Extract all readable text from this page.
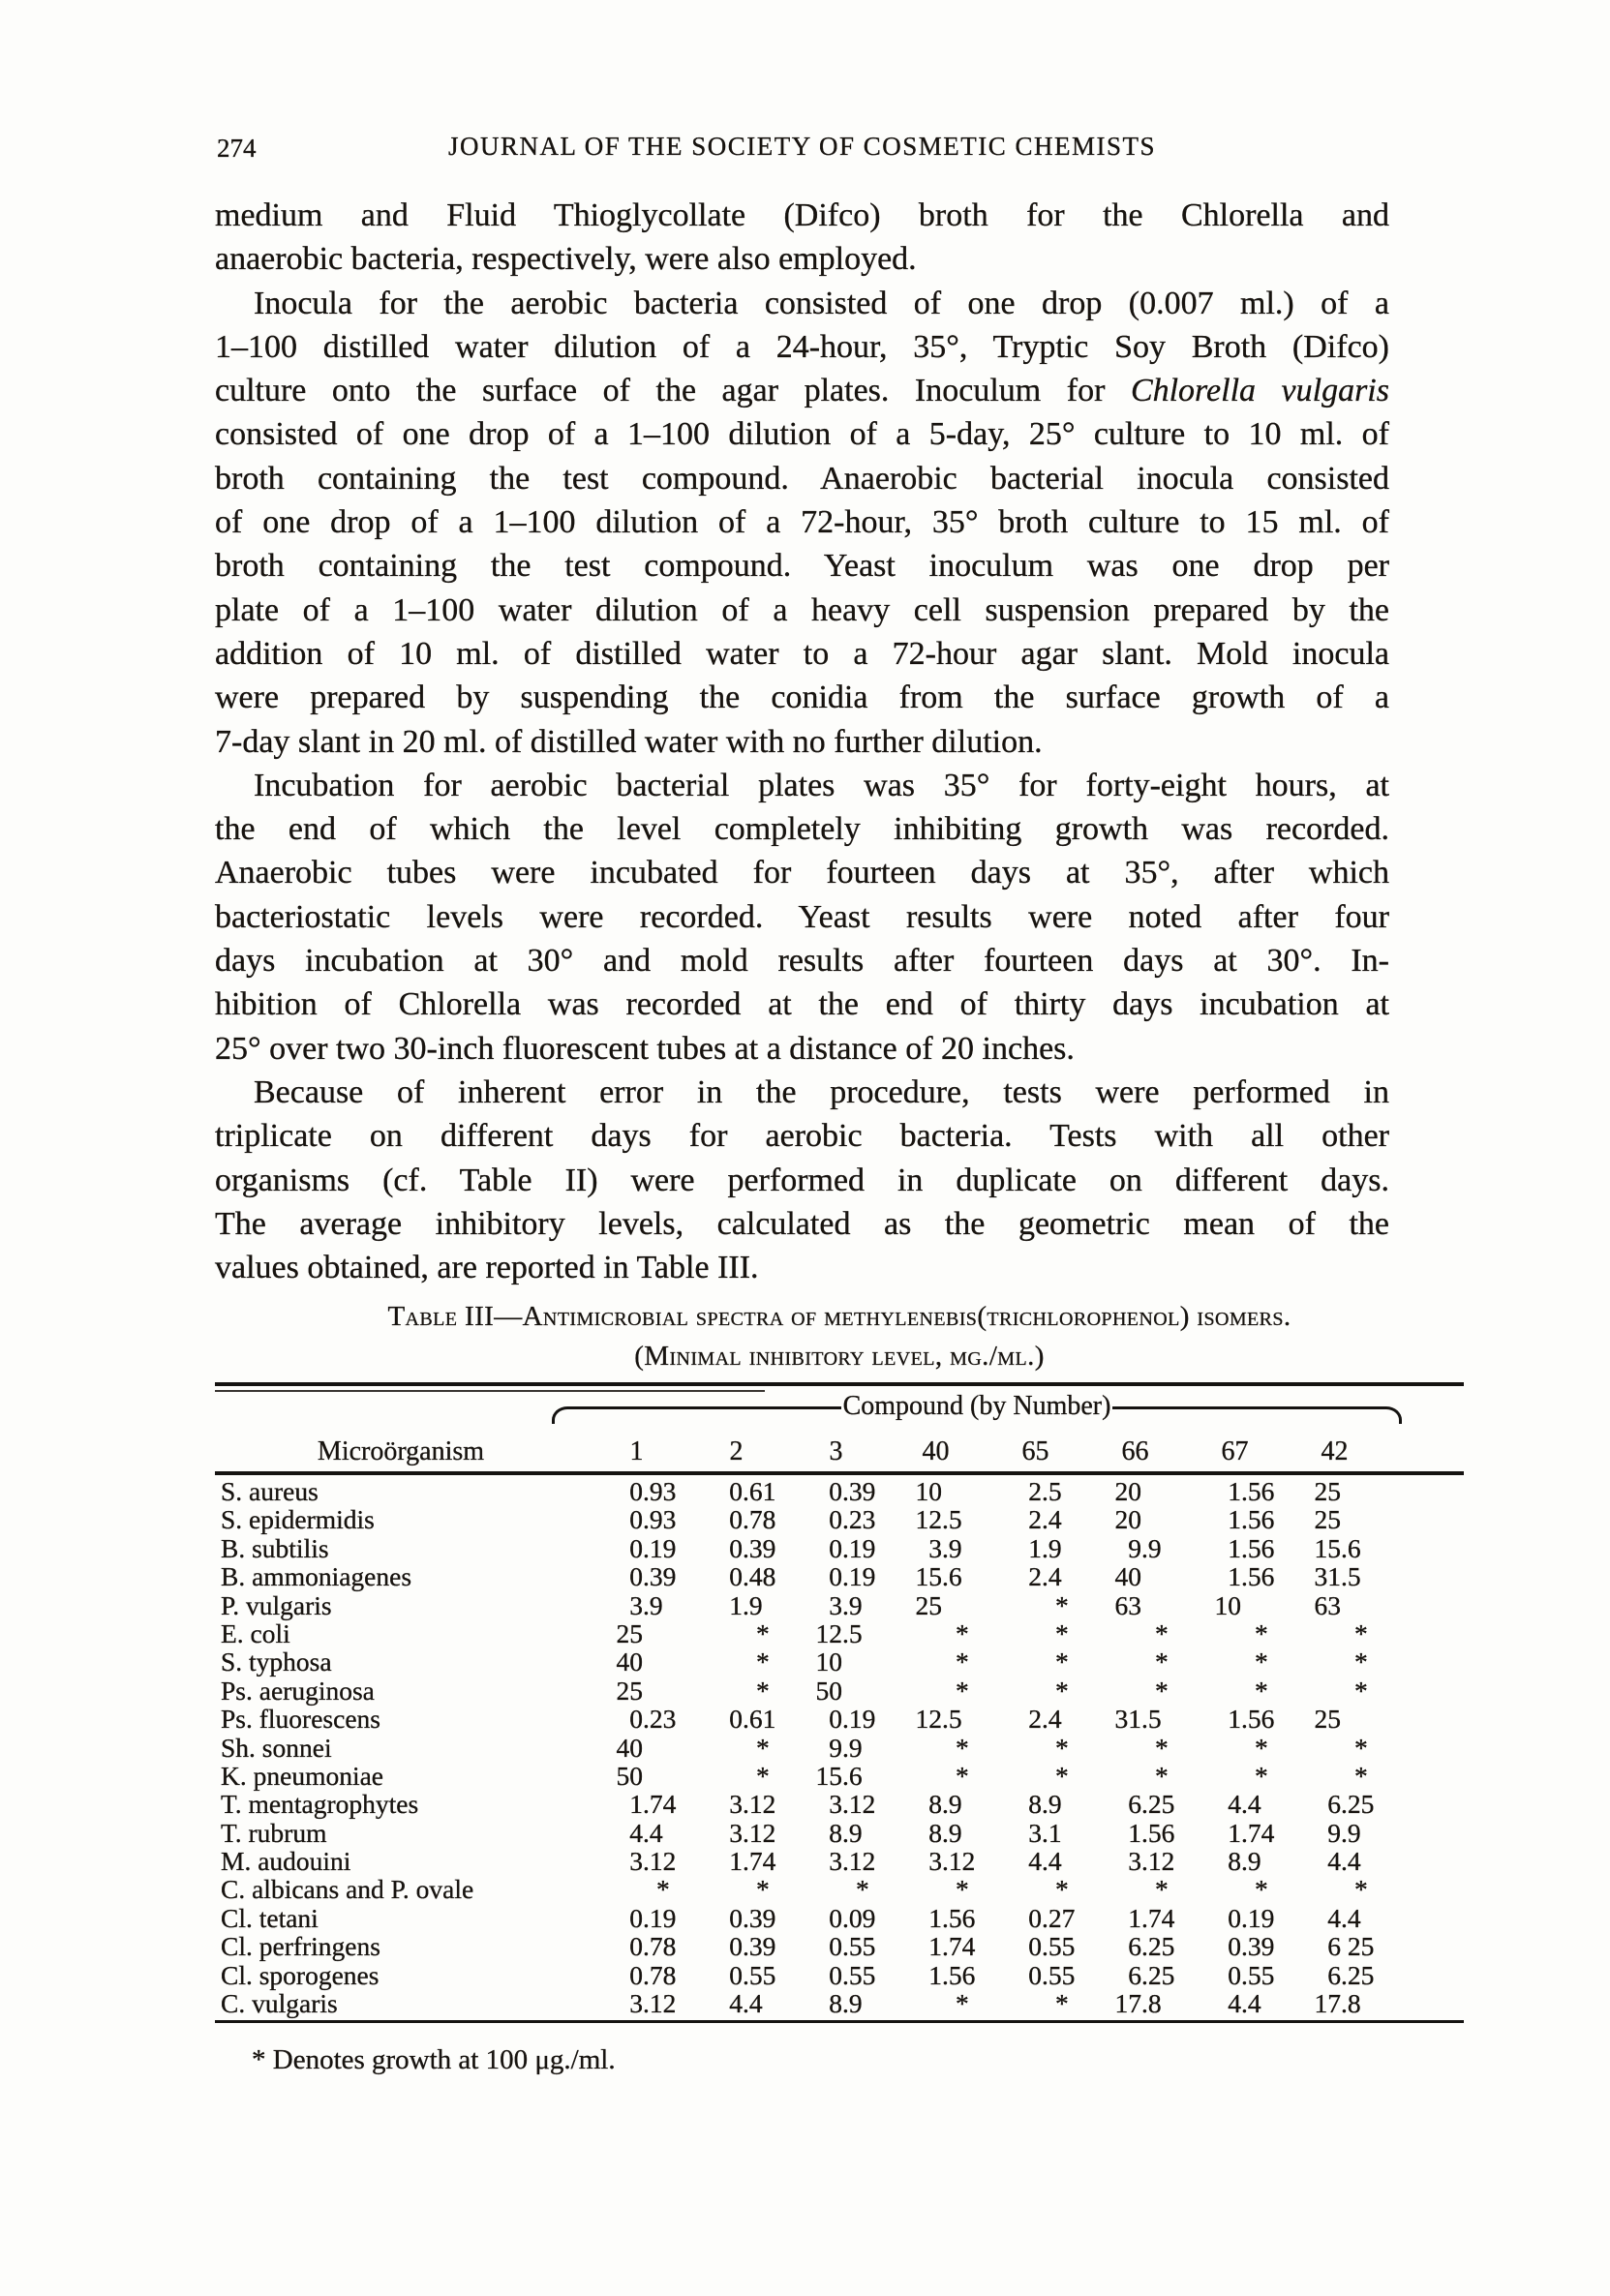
274	JOURNAL OF THE SOCIETY OF COSMETIC CHEMISTS
medium and Fluid Thioglycollate (Difco) broth for the Chlorella and
anaerobic bacteria, respectively, were also employed.
Inocula for the aerobic bacteria consisted of one drop (0.007 ml.) of a
1–100 distilled water dilution of a 24-hour, 35°, Tryptic Soy Broth (Difco)
culture onto the surface of the agar plates. Inoculum for Chlorella vulgaris
consisted of one drop of a 1–100 dilution of a 5-day, 25° culture to 10 ml. of
broth containing the test compound. Anaerobic bacterial inocula consisted
of one drop of a 1–100 dilution of a 72-hour, 35° broth culture to 15 ml. of
broth containing the test compound. Yeast inoculum was one drop per
plate of a 1–100 water dilution of a heavy cell suspension prepared by the
addition of 10 ml. of distilled water to a 72-hour agar slant. Mold inocula
were prepared by suspending the conidia from the surface growth of a
7-day slant in 20 ml. of distilled water with no further dilution.
Incubation for aerobic bacterial plates was 35° for forty-eight hours, at
the end of which the level completely inhibiting growth was recorded.
Anaerobic tubes were incubated for fourteen days at 35°, after which
bacteriostatic levels were recorded. Yeast results were noted after four
days incubation at 30° and mold results after fourteen days at 30°. In-
hibition of Chlorella was recorded at the end of thirty days incubation at
25° over two 30-inch fluorescent tubes at a distance of 20 inches.
Because of inherent error in the procedure, tests were performed in
triplicate on different days for aerobic bacteria. Tests with all other
organisms (cf. Table II) were performed in duplicate on different days.
The average inhibitory levels, calculated as the geometric mean of the
values obtained, are reported in Table III.
Table III—Antimicrobial spectra of methylenebis(trichlorophenol) isomers.
(Minimal inhibitory level, μg./ml.)
Compound (by Number)
Microörganism	1	2	3	40	65	66	67	42
S. aureus	0 .93	0 .61	0 .39	10	2 .5	20	1 .56	25
S. epidermidis	0 .93	0 .78	0 .23	12 .5	2 .4	20	1 .56	25
B. subtilis	0 .19	0 .39	0 .19	3 .9	1 .9	9 .9	1 .56	15 .6
B. ammoniagenes	0 .39	0 .48	0 .19	15 .6	2 .4	40	1 .56	31 .5
P. vulgaris	3 .9	1 .9	3 .9	25	*	63	10	63
E. coli	25	*	12 .5	*	*	*	*	*
S. typhosa	40	*	10	*	*	*	*	*
Ps. aeruginosa	25	*	50	*	*	*	*	*
Ps. fluorescens	0 .23	0 .61	0 .19	12 .5	2 .4	31 .5	1 .56	25
Sh. sonnei	40	*	9 .9	*	*	*	*	*
K. pneumoniae	50	*	15 .6	*	*	*	*	*
T. mentagrophytes	1 .74	3 .12	3 .12	8 .9	8 .9	6 .25	4 .4	6 .25
T. rubrum	4 .4	3 .12	8 .9	8 .9	3 .1	1 .56	1 .74	9 .9
M. audouini	3 .12	1 .74	3 .12	3 .12	4 .4	3 .12	8 .9	4 .4
C. albicans and P. ovale	*	*	*	*	*	*	*	*
Cl. tetani	0 .19	0 .39	0 .09	1 .56	0 .27	1 .74	0 .19	4 .4
Cl. perfringens	0 .78	0 .39	0 .55	1 .74	0 .55	6 .25	0 .39	6 25
Cl. sporogenes	0 .78	0 .55	0 .55	1 .56	0 .55	6 .25	0 .55	6 .25
C. vulgaris	3 .12	4 .4	8 .9	*	*	17 .8	4 .4	17 .8
* Denotes growth at 100 μg./ml.
